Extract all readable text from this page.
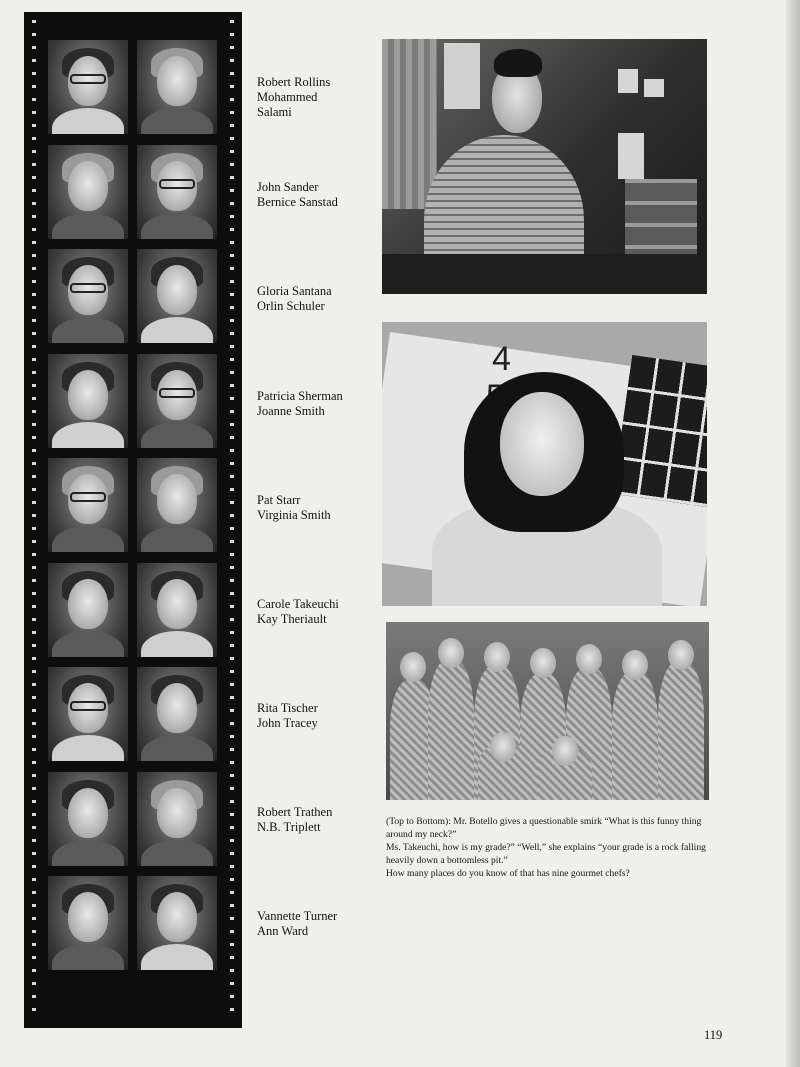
Robert Rollins
Mohammed
Salami
John Sander
Bernice Sanstad
Gloria Santana
Orlin Schuler
Patricia Sherman
Joanne Smith
Pat Starr
Virginia Smith
Carole Takeuchi
Kay Theriault
Rita Tischer
John Tracey
Robert Trathen
N.B. Triplett
Vannette Turner
Ann Ward
4
(Top to Bottom): Mr. Botello gives a questionable smirk “What is this funny thing around my neck?”
Ms. Takeuchi, how is my grade?” “Well,” she explains “your grade is a rock falling heavily down a bottomless pit.”
How many places do you know of that has nine gourmet chefs?
119
